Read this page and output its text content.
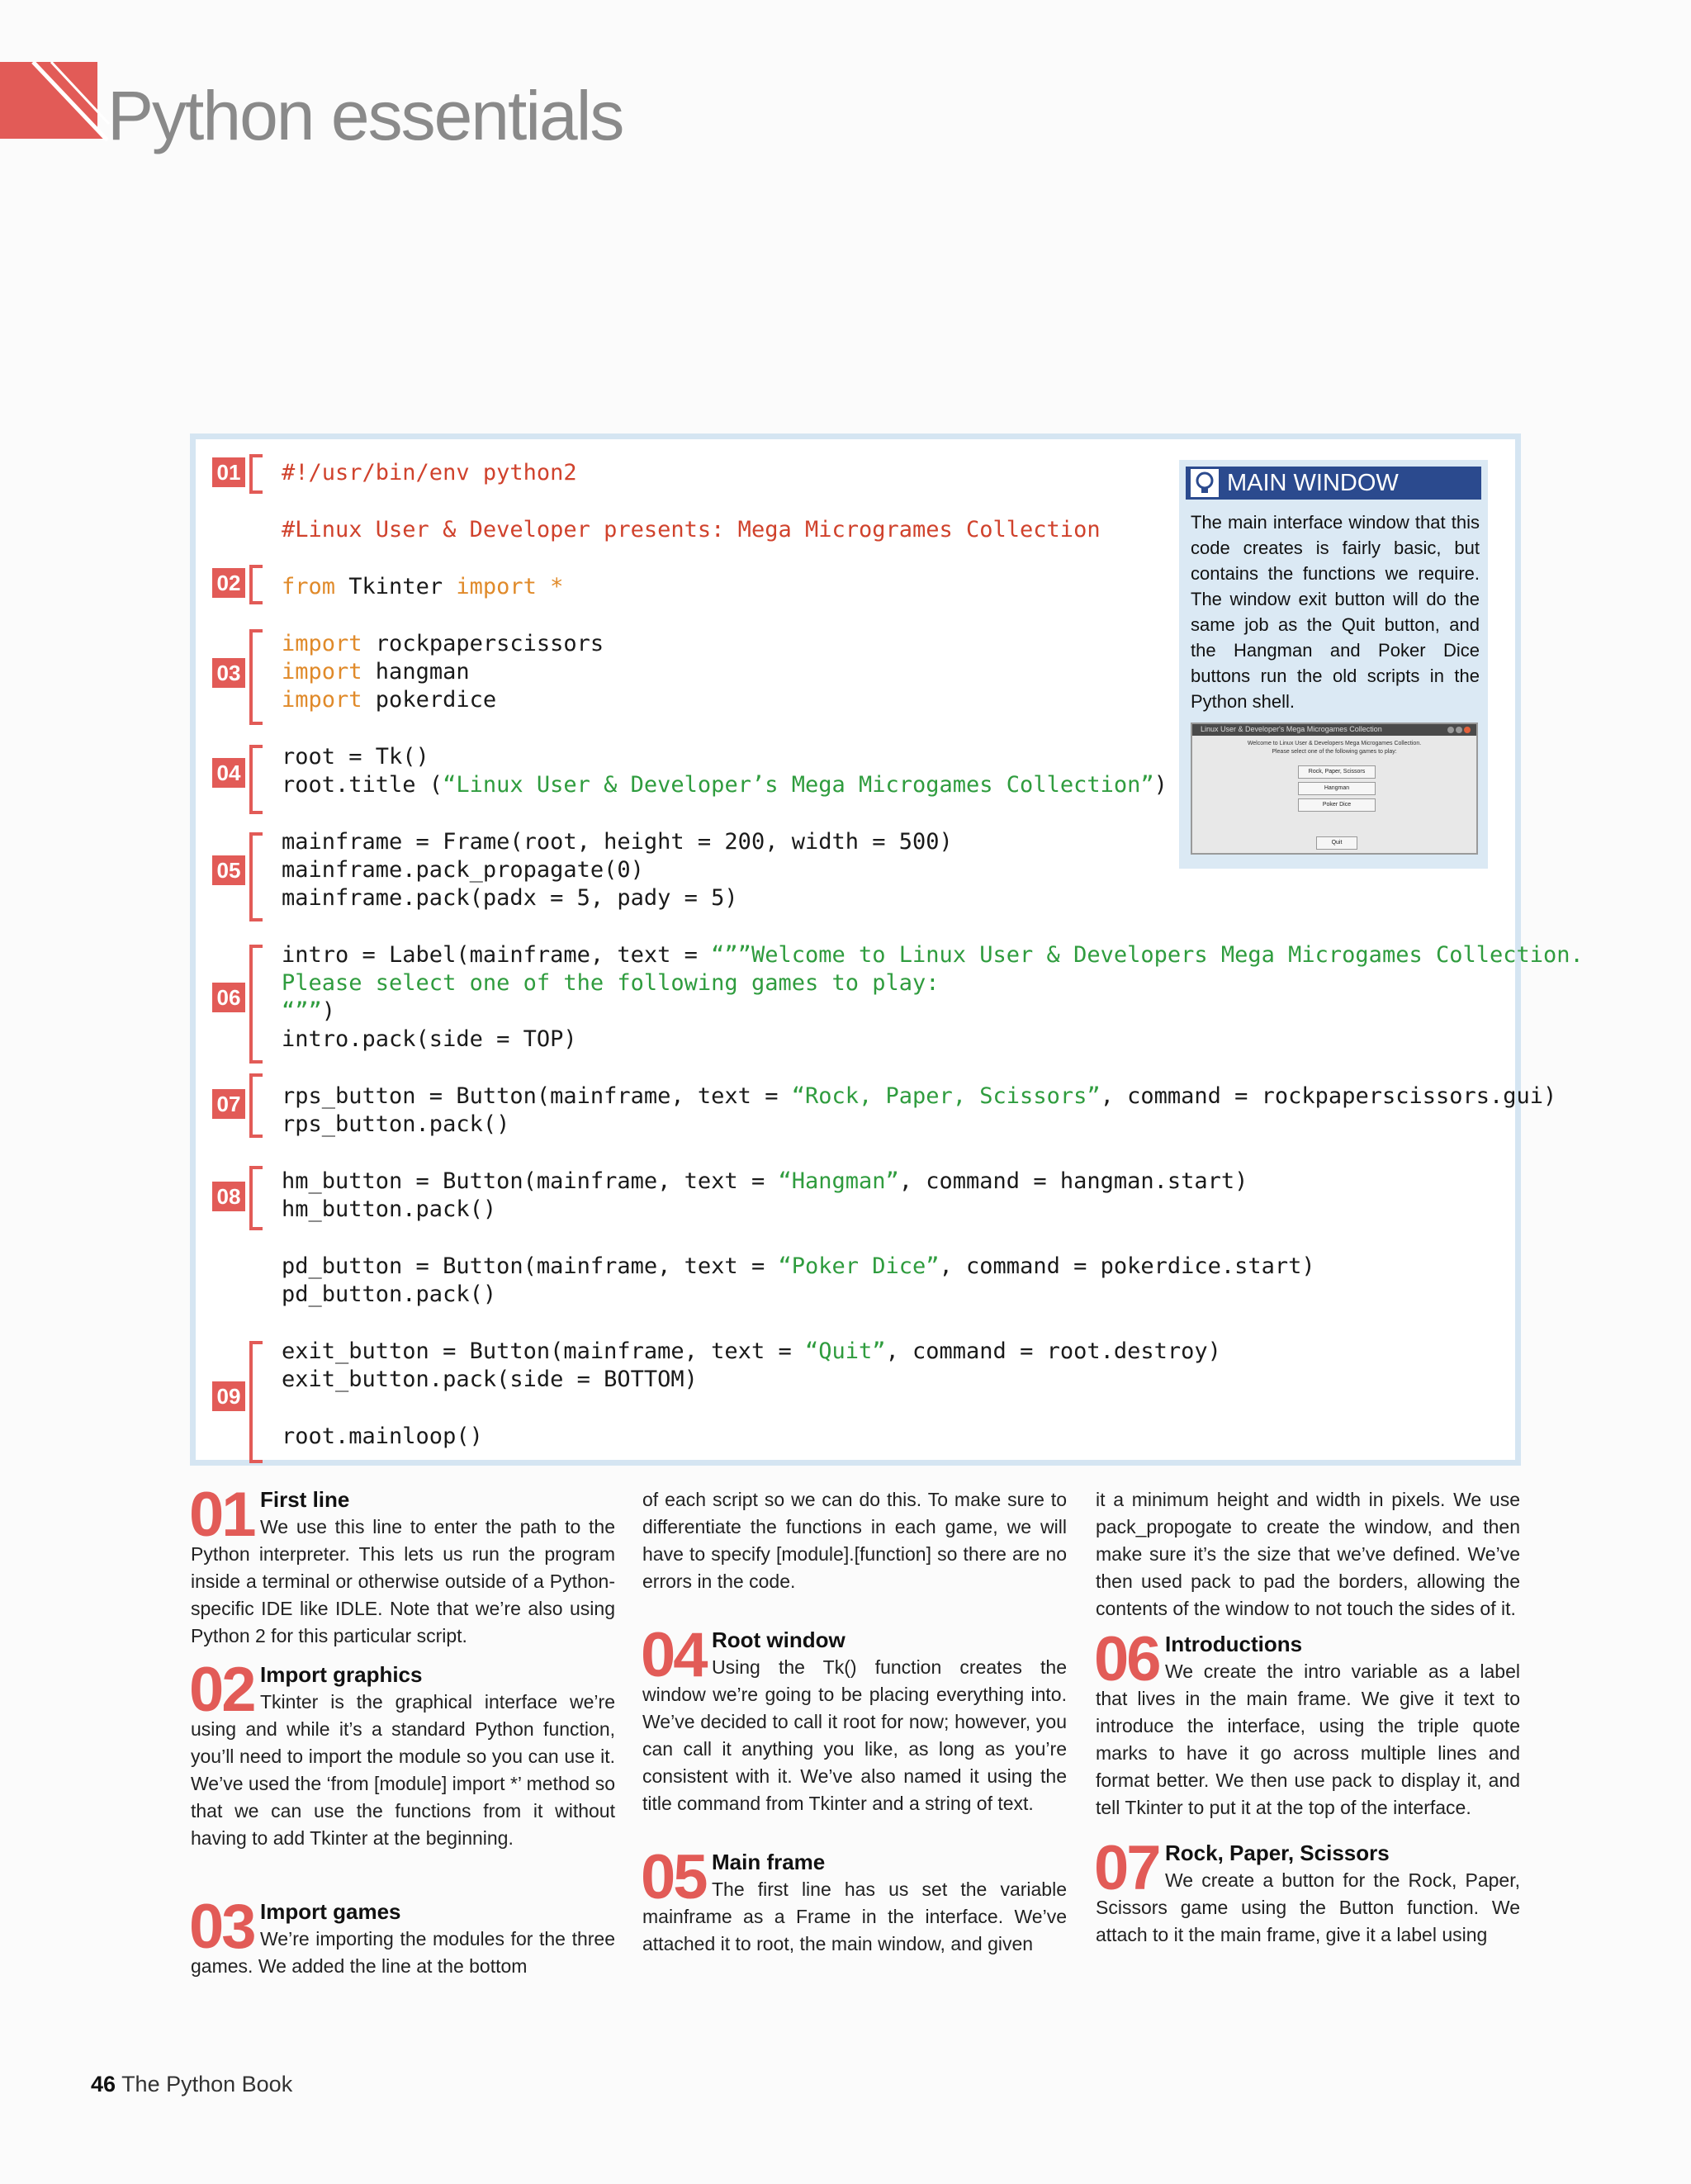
Python essentials
#!/usr/bin/env python2
#Linux User & Developer presents: Mega Microgrames Collection
from Tkinter import *
import rockpaperscissors
import hangman
import pokerdice
root = Tk()
root.title (“Linux User & Developer’s Mega Microgames Collection”)
mainframe = Frame(root, height = 200, width = 500)
mainframe.pack_propagate(0)
mainframe.pack(padx = 5, pady = 5)
intro = Label(mainframe, text = “””Welcome to Linux User & Developers Mega Microgames Collection.
Please select one of the following games to play:
“””)
intro.pack(side = TOP)
rps_button = Button(mainframe, text = “Rock, Paper, Scissors”, command = rockpaperscissors.gui)
rps_button.pack()
hm_button = Button(mainframe, text = “Hangman”, command = hangman.start)
hm_button.pack()
pd_button = Button(mainframe, text = “Poker Dice”, command = pokerdice.start)
pd_button.pack()
exit_button = Button(mainframe, text = “Quit”, command = root.destroy)
exit_button.pack(side = BOTTOM)
root.mainloop()
01
02
03
04
05
06
07
08
09
MAIN WINDOW
The main interface window that this code creates is fairly basic, but contains the functions we require. The window exit button will do the same job as the Quit button, and the Hangman and Poker Dice buttons run the old scripts in the Python shell.
Linux User & Developer's Mega Microgames Collection
Welcome to Linux User & Developers Mega Microgames Collection.
Please select one of the following games to play:
Rock, Paper, Scissors
Hangman
Poker Dice
Quit
01 First line

We use this line to enter the path to the Python interpreter. This lets us run the program inside a terminal or otherwise outside of a Python-specific IDE like IDLE. Note that we’re also using Python 2 for this particular script.

02 Import graphics

Tkinter is the graphical interface we’re using and while it’s a standard Python function, you’ll need to import the module so you can use it. We’ve used the ‘from [module] import *’ method so that we can use the functions from it without having to add Tkinter at the beginning.

03 Import games

We’re importing the modules for the three games. We added the line at the bottom

of each script so we can do this. To make sure to differentiate the functions in each game, we will have to specify [module].[function] so there are no errors in the code.

04 Root window

Using the Tk() function creates the window we’re going to be placing everything into. We’ve decided to call it root for now; however, you can call it anything you like, as long as you’re consistent with it. We’ve also named it using the title command from Tkinter and a string of text.

05 Main frame

The first line has us set the variable mainframe as a Frame in the interface. We’ve attached it to root, the main window, and given

it a minimum height and width in pixels. We use pack_propogate to create the window, and then make sure it’s the size that we’ve defined. We’ve then used pack to pad the borders, allowing the contents of the window to not touch the sides of it.

06 Introductions

We create the intro variable as a label that lives in the main frame. We give it text to introduce the interface, using the triple quote marks to have it go across multiple lines and format better. We then use pack to display it, and tell Tkinter to put it at the top of the interface.

07 Rock, Paper, Scissors

We create a button for the Rock, Paper, Scissors game using the Button function. We attach to it the main frame, give it a label using

46 The Python Book
